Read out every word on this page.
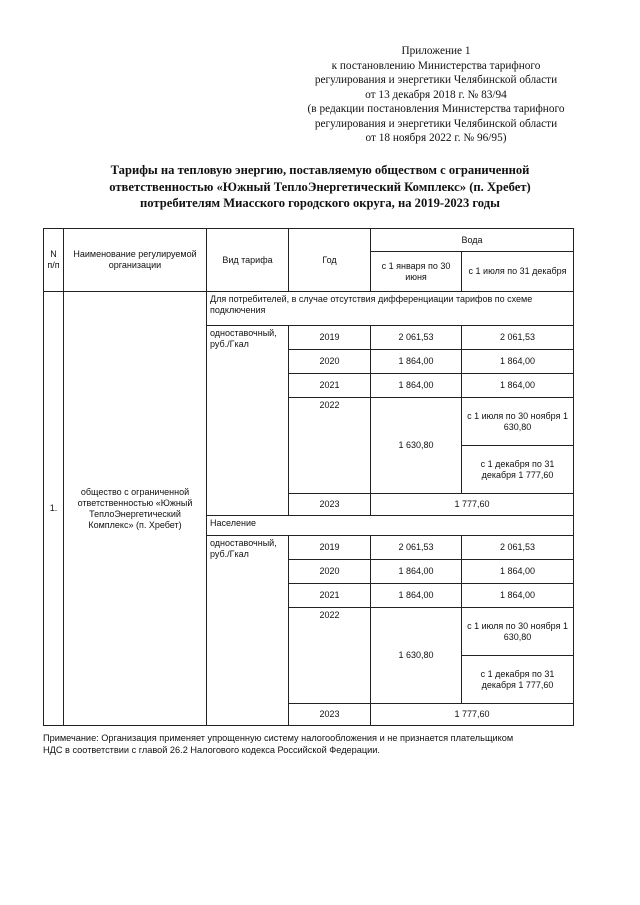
Приложение 1
к постановлению Министерства тарифного
регулирования и энергетики Челябинской области
от 13 декабря 2018 г. № 83/94
(в редакции постановления Министерства тарифного
регулирования и энергетики Челябинской области
от 18 ноября 2022 г. № 96/95)
Тарифы на тепловую энергию, поставляемую обществом с ограниченной
ответственностью «Южный ТеплоЭнергетический Комплекс» (п. Хребет)
потребителям Миасского городского округа, на 2019-2023 годы
N п/п	Наименование регулируемой организации	Вид тарифа	Год	Вода	
				с 1 января по 30 июня	с 1 июля по 31 декабря
1.	общество с ограниченной ответственностью «Южный ТеплоЭнергетический Комплекс» (п. Хребет)	Для потребителей, в случае отсутствия дифференциации тарифов по схеме подключения			
		одноставочный, руб./Гкал	2019	2 061,53	2 061,53
			2020	1 864,00	1 864,00
			2021	1 864,00	1 864,00
			2022	1 630,80	с 1 июля по 30 ноября 1 630,80
					с 1 декабря по 31 декабря 1 777,60
			2023	1 777,60	
		Население			
		одноставочный, руб./Гкал	2019	2 061,53	2 061,53
			2020	1 864,00	1 864,00
			2021	1 864,00	1 864,00
			2022	1 630,80	с 1 июля по 30 ноября 1 630,80
					с 1 декабря по 31 декабря 1 777,60
			2023	1 777,60	
Примечание: Организация применяет упрощенную систему налогообложения и не признается плательщиком
НДС в соответствии с главой 26.2 Налогового кодекса Российской Федерации.
